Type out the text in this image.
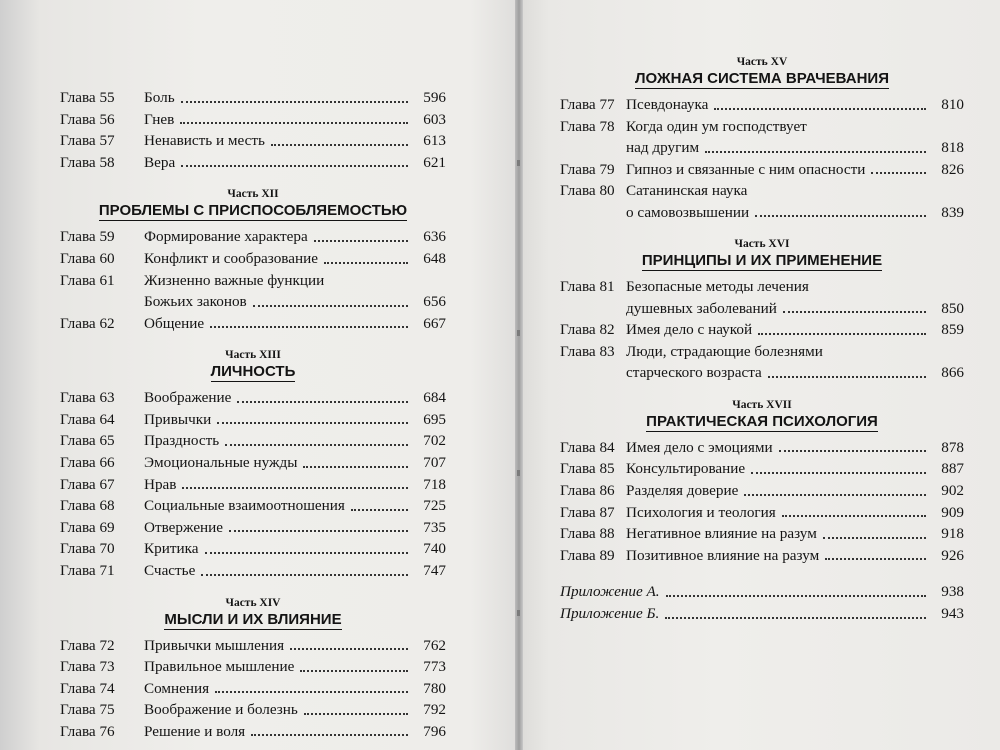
Глава 55 Боль	596
Глава 56 Гнев	603
Глава 57 Ненависть и месть	613
Глава 58 Вера	621
Часть XII
ПРОБЛЕМЫ С ПРИСПОСОБЛЯЕМОСТЬЮ
Глава 59 Формирование характера	636
Глава 60 Конфликт и сообразование	648
Глава 61 Жизненно важные функции
Божьих законов	656
Глава 62 Общение	667
Часть XIII
ЛИЧНОСТЬ
Глава 63 Воображение	684
Глава 64 Привычки	695
Глава 65 Праздность	702
Глава 66 Эмоциональные нужды	707
Глава 67 Нрав	718
Глава 68 Социальные взаимоотношения	725
Глава 69 Отвержение	735
Глава 70 Критика	740
Глава 71 Счастье	747
Часть XIV
МЫСЛИ И ИХ ВЛИЯНИЕ
Глава 72 Привычки мышления	762
Глава 73 Правильное мышление	773
Глава 74 Сомнения	780
Глава 75 Воображение и болезнь	792
Глава 76 Решение и воля	796
Часть XV
ЛОЖНАЯ СИСТЕМА ВРАЧЕВАНИЯ
Глава 77 Псевдонаука	810
Глава 78 Когда один ум господствует
над другим	818
Глава 79 Гипноз и связанные с ним опасности	826
Глава 80 Сатанинская наука
о самовозвышении	839
Часть XVI
ПРИНЦИПЫ И ИХ ПРИМЕНЕНИЕ
Глава 81 Безопасные методы лечения
душевных заболеваний	850
Глава 82 Имея дело с наукой	859
Глава 83 Люди, страдающие болезнями
старческого возраста	866
Часть XVII
ПРАКТИЧЕСКАЯ ПСИХОЛОГИЯ
Глава 84 Имея дело с эмоциями	878
Глава 85 Консультирование	887
Глава 86 Разделяя доверие	902
Глава 87 Психология и теология	909
Глава 88 Негативное влияние на разум	918
Глава 89 Позитивное влияние на разум	926
Приложение А.	938
Приложение Б.	943
